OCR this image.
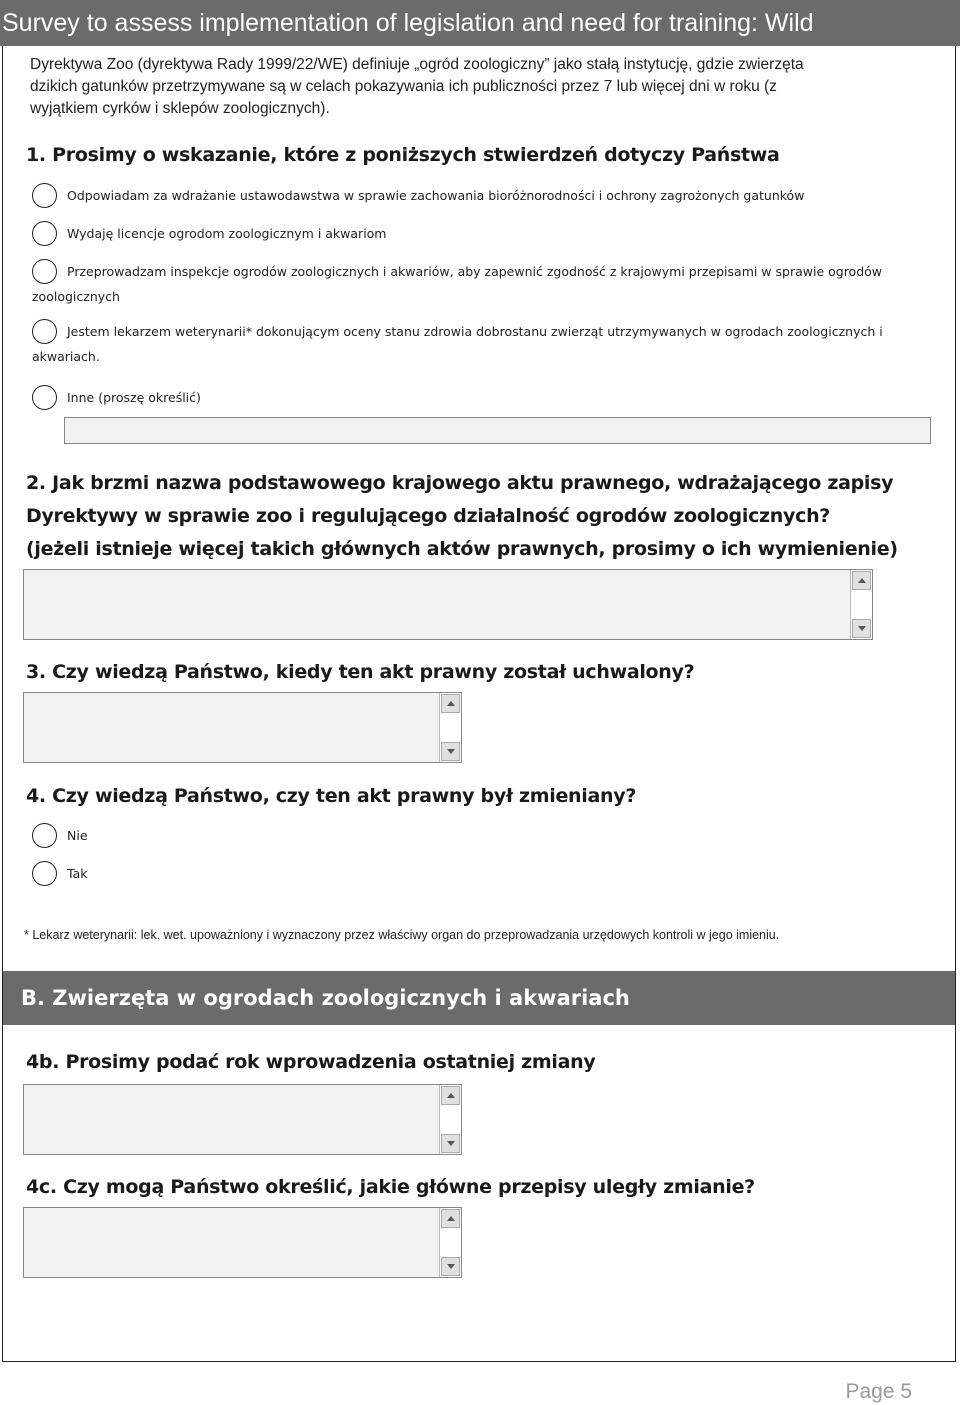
Survey to assess implementation of legislation and need for training: Wild
Dyrektywa Zoo (dyrektywa Rady 1999/22/WE) definiuje „ogród zoologiczny” jako stałą instytucję, gdzie zwierzęta
dzikich gatunków przetrzymywane są w celach pokazywania ich publiczności przez 7 lub więcej dni w roku (z
wyjątkiem cyrków i sklepów zoologicznych).
1. Prosimy o wskazanie, które z poniższych stwierdzeń dotyczy Państwa
Odpowiadam za wdrażanie ustawodawstwa w sprawie zachowania bioróżnorodności i ochrony zagrożonych gatunków
Wydaję licencje ogrodom zoologicznym i akwariom
Przeprowadzam inspekcje ogrodów zoologicznych i akwariów, aby zapewnić zgodność z krajowymi przepisami w sprawie ogrodów
zoologicznych
Jestem lekarzem weterynarii* dokonującym oceny stanu zdrowia dobrostanu zwierząt utrzymywanych w ogrodach zoologicznych i
akwariach.
Inne (proszę określić)
2. Jak brzmi nazwa podstawowego krajowego aktu prawnego, wdrażającego zapisy
Dyrektywy w sprawie zoo i regulującego działalność ogrodów zoologicznych?
(jeżeli istnieje więcej takich głównych aktów prawnych, prosimy o ich wymienienie)
3. Czy wiedzą Państwo, kiedy ten akt prawny został uchwalony?
4. Czy wiedzą Państwo, czy ten akt prawny był zmieniany?
Nie
Tak
* Lekarz weterynarii: lek. wet. upoważniony i wyznaczony przez właściwy organ do przeprowadzania urzędowych kontroli w jego imieniu.
B. Zwierzęta w ogrodach zoologicznych i akwariach
4b. Prosimy podać rok wprowadzenia ostatniej zmiany
4c. Czy mogą Państwo określić, jakie główne przepisy uległy zmianie?
Page 5
